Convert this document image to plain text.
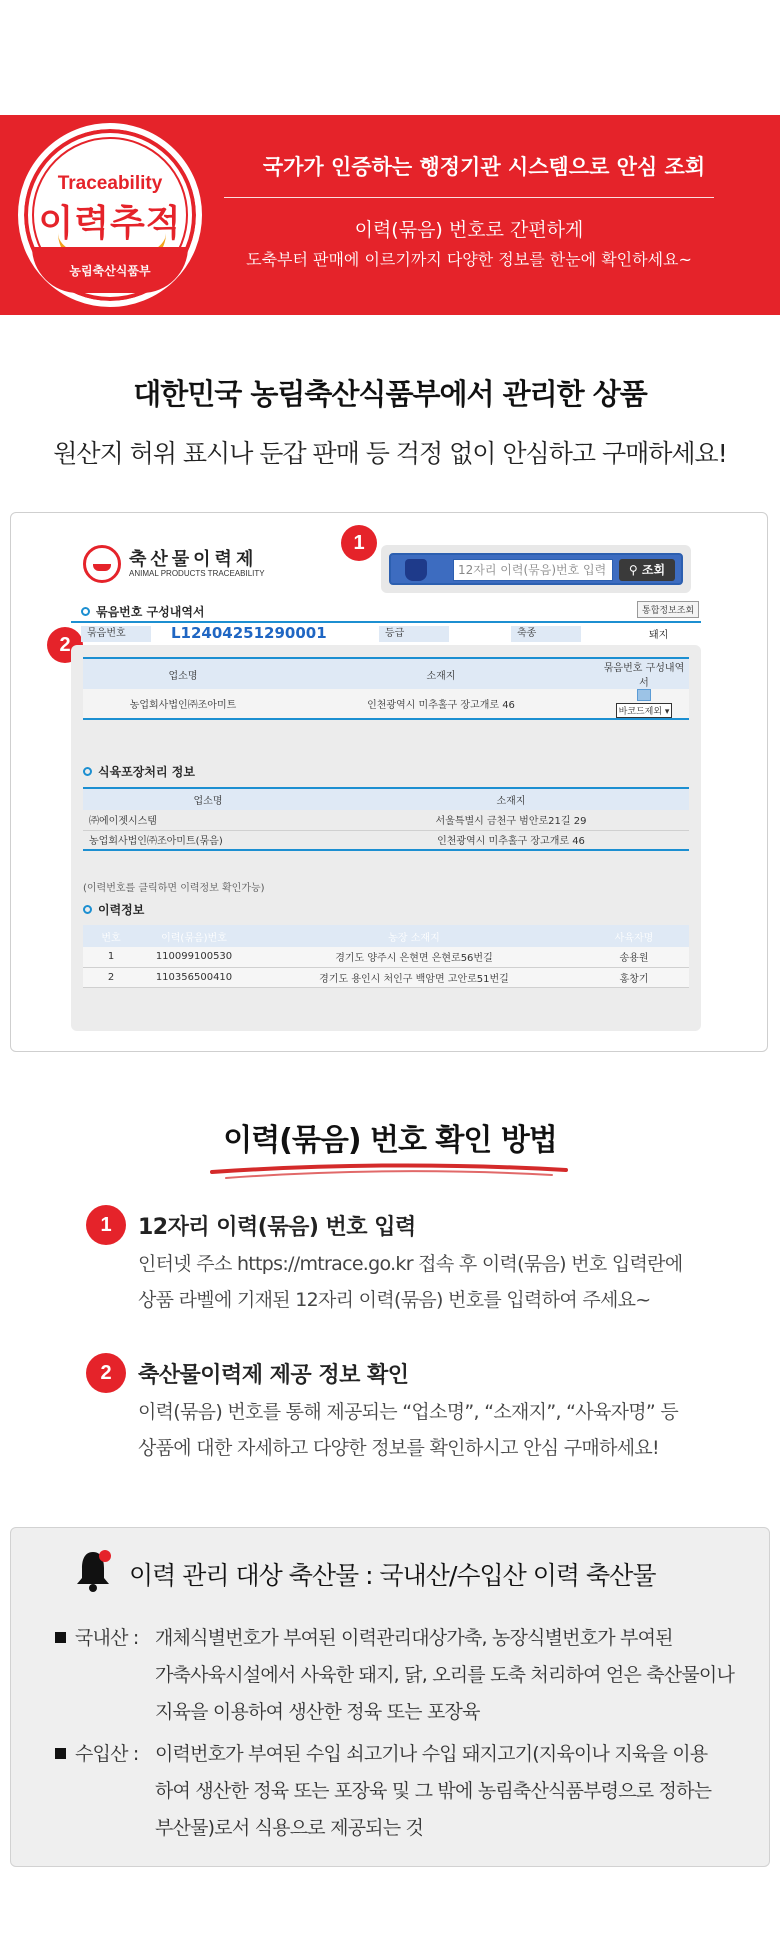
Traceability
이력추적
농림축산식품부
국가가 인증하는 행정기관 시스템으로 안심 조회
이력(묶음) 번호로 간편하게
도축부터 판매에 이르기까지 다양한 정보를 한눈에 확인하세요~
대한민국 농림축산식품부에서 관리한 상품
원산지 허위 표시나 둔갑 판매 등 걱정 없이 안심하고 구매하세요!
축산물이력제
ANIMAL PRODUCTS TRACEABILITY	12자리 이력(묶음)번호 입력	⚲ 조회
1
2
묶음번호 구성내역서	통합정보조회
묶음번호	L12404251290001	등급	축종	돼지
업소명	소재지	묶음번호 구성내역서
농업회사법인㈜조아미트	인천광역시 미추홀구 장고개로 46	바코드제외 ▾
식육포장처리 정보
업소명	소재지
㈜에이젯시스템	서울특별시 금천구 범안로21길 29
농업회사법인㈜조아미트(묶음)	인천광역시 미추홀구 장고개로 46
(이력번호를 클릭하면 이력정보 확인가능)
이력정보
번호	이력(묶음)번호	농장 소재지	사육자명
1	110099100530	경기도 양주시 은현면 은현로56번길	송용원
2	110356500410	경기도 용인시 처인구 백암면 고안로51번길	홍창기
이력(묶음) 번호 확인 방법
1	12자리 이력(묶음) 번호 입력
인터넷 주소 https://mtrace.go.kr 접속 후 이력(묶음) 번호 입력란에
상품 라벨에 기재된 12자리 이력(묶음) 번호를 입력하여 주세요~
2	축산물이력제 제공 정보 확인
이력(묶음) 번호를 통해 제공되는 “업소명”, “소재지”, “사육자명” 등
상품에 대한 자세하고 다양한 정보를 확인하시고 안심 구매하세요!
이력 관리 대상 축산물 : 국내산/수입산 이력 축산물
국내산 : 개체식별번호가 부여된 이력관리대상가축, 농장식별번호가 부여된
가축사육시설에서 사육한 돼지, 닭, 오리를 도축 처리하여 얻은 축산물이나
지육을 이용하여 생산한 정육 또는 포장육
수입산 : 이력번호가 부여된 수입 쇠고기나 수입 돼지고기(지육이나 지육을 이용
하여 생산한 정육 또는 포장육 및 그 밖에 농림축산식품부령으로 정하는
부산물)로서 식용으로 제공되는 것
